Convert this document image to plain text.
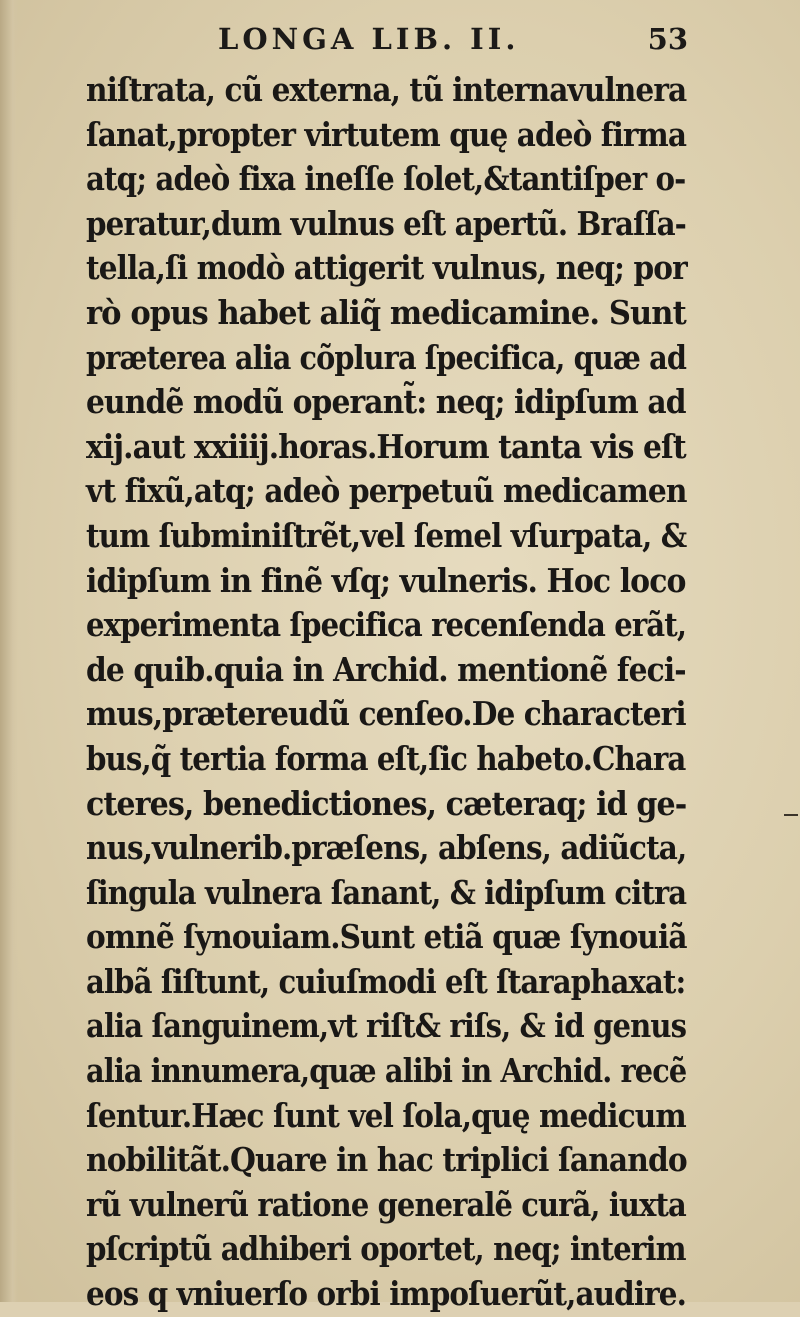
LONGA LIB. II.	53
niſtrata, cũ externa, tũ internavulnera
ſanat,propter virtutem quę adeò firma
atq; adeò fixa ineſſe ſolet,&tantiſper o-
peratur,dum vulnus eſt apertũ. Braſſa-
tella,ſi modò attigerit vulnus, neq; por
rò opus habet aliq̃ medicamine. Sunt
præterea alia cõplura ſpecifica, quæ ad
eundẽ modũ operant̃: neq; idipſum ad
xij.aut xxiiij.horas.Horum tanta vis eſt
vt fixũ,atq; adeò perpetuũ medicamen
tum ſubminiſtrẽt,vel ſemel vſurpata, &
idipſum in finẽ vſq; vulneris. Hoc loco
experimenta ſpecifica recenſenda erãt,
de quib.quia in Archid. mentionẽ feci-
mus,prætereudũ cenſeo.De characteri
bus,q̃ tertia forma eſt,ſic habeto.Chara
cteres, benedictiones, cæteraq; id ge-
nus,vulnerib.præſens, abſens, adiũcta,
ſingula vulnera ſanant, & idipſum citra
omnẽ ſynouiam.Sunt etiã quæ ſynouiã
albã ſiſtunt, cuiuſmodi eſt ſtaraphaxat:
alia ſanguinem,vt riſt& riſs, & id genus
alia innumera,quæ alibi in Archid. recẽ
ſentur.Hæc ſunt vel ſola,quę medicum
nobilitãt.Quare in hac triplici ſanando
rũ vulnerũ ratione generalẽ curã, iuxta
pſcriptũ adhiberi oportet, neq; interim
eos q vniuerſo orbi impoſuerũt,audire.
